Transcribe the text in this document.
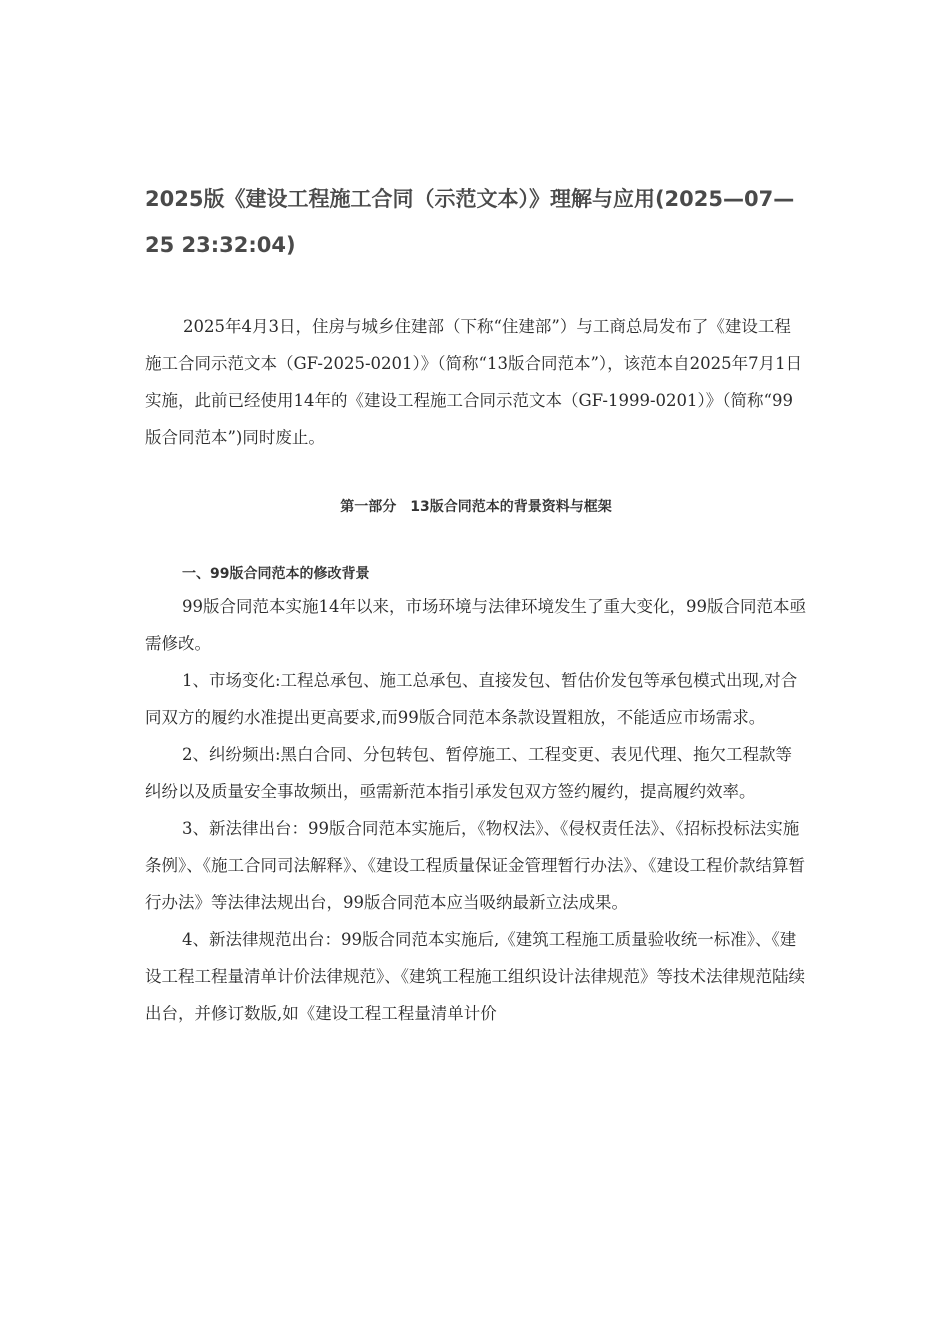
2025版《建设工程施工合同（示范文本）》理解与应用(2025—07—25 23:32:04)

2025年4月3日，住房与城乡住建部（下称“住建部”）与工商总局发布了《建设工程施工合同示范文本（GF-2025-0201）》（简称“13版合同范本”），该范本自2025年7月1日实施，此前已经使用14年的《建设工程施工合同示范文本（GF-1999-0201）》（简称“99版合同范本”)同时废止。

第一部分　13版合同范本的背景资料与框架
一、99版合同范本的修改背景

99版合同范本实施14年以来，市场环境与法律环境发生了重大变化，99版合同范本亟需修改。

1、市场变化:工程总承包、施工总承包、直接发包、暂估价发包等承包模式出现,对合同双方的履约水准提出更高要求,而99版合同范本条款设置粗放，不能适应市场需求。

2、纠纷频出:黑白合同、分包转包、暂停施工、工程变更、表见代理、拖欠工程款等纠纷以及质量安全事故频出，亟需新范本指引承发包双方签约履约，提高履约效率。

3、新法律出台：99版合同范本实施后，《物权法》、《侵权责任法》、《招标投标法实施条例》、《施工合同司法解释》、《建设工程质量保证金管理暂行办法》、《建设工程价款结算暂行办法》等法律法规出台，99版合同范本应当吸纳最新立法成果。

4、新法律规范出台：99版合同范本实施后,《建筑工程施工质量验收统一标准》、《建设工程工程量清单计价法律规范》、《建筑工程施工组织设计法律规范》等技术法律规范陆续出台，并修订数版,如《建设工程工程量清单计价
